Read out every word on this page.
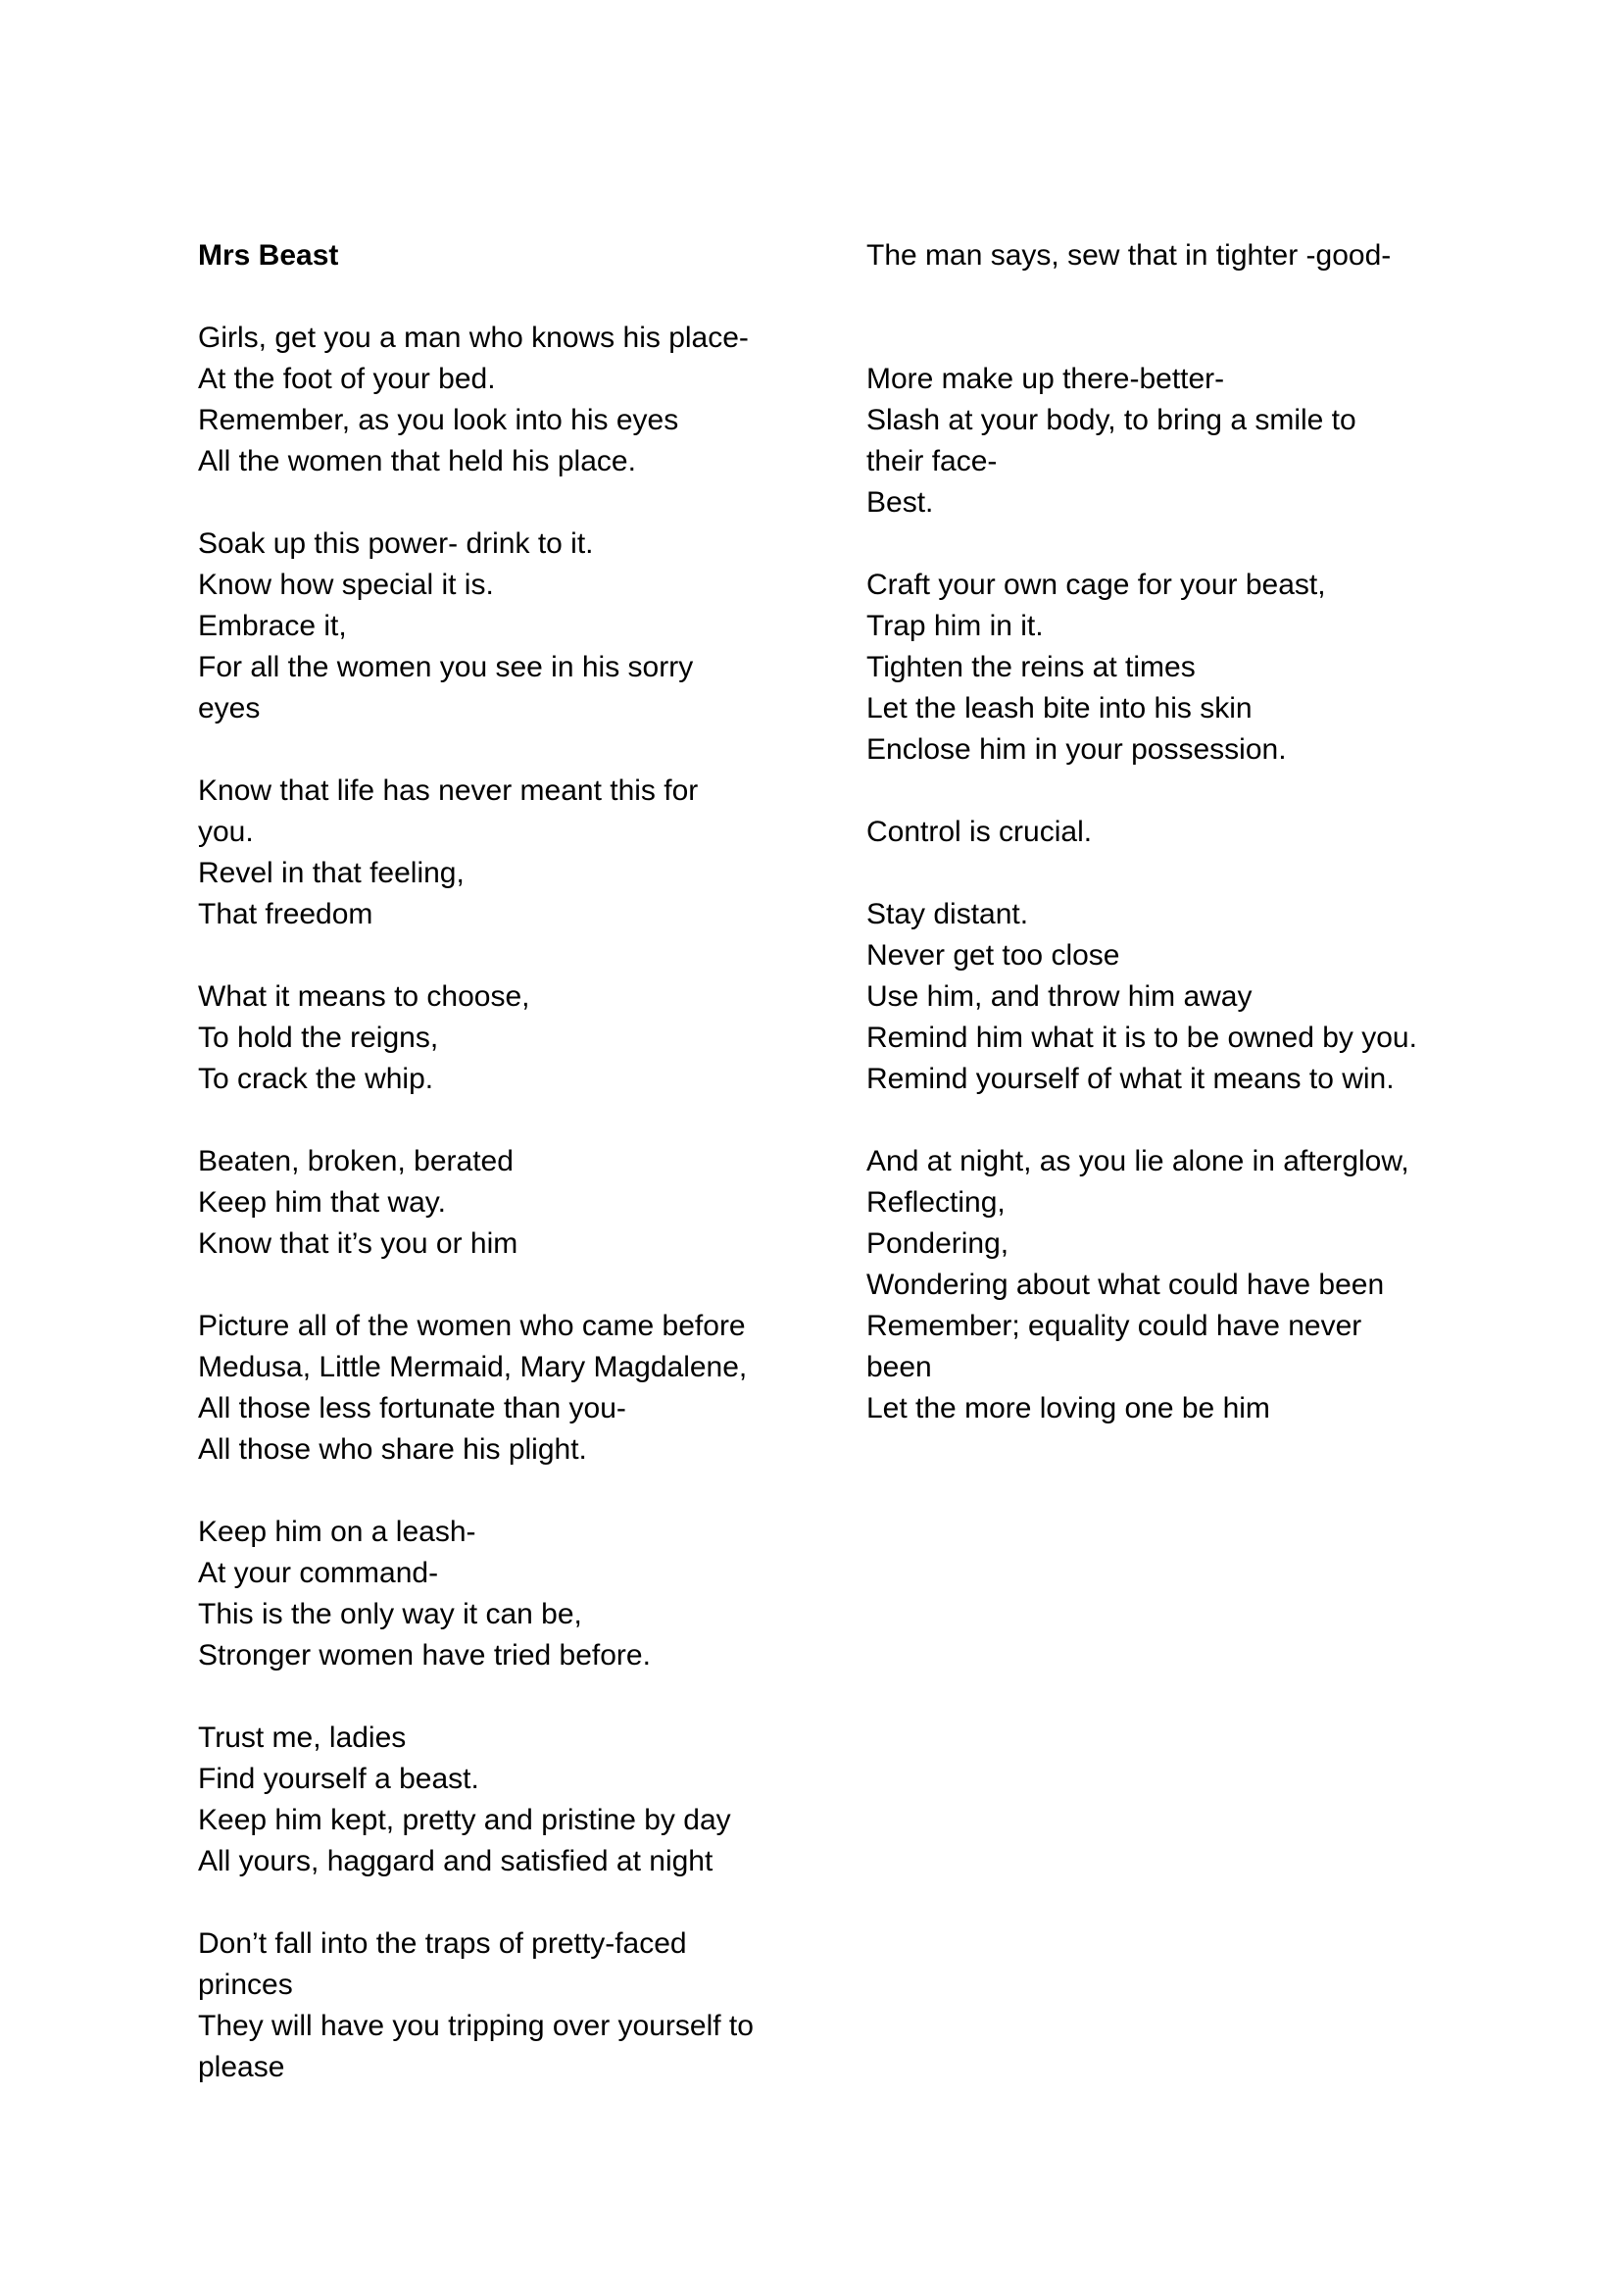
Mrs Beast
Girls, get you a man who knows his place-
At the foot of your bed.
Remember, as you look into his eyes
All the women that held his place.
Soak up this power- drink to it.
Know how special it is.
Embrace it,
For all the women you see in his sorry
eyes
Know that life has never meant this for
you.
Revel in that feeling,
That freedom
What it means to choose,
To hold the reigns,
To crack the whip.
Beaten, broken, berated
Keep him that way.
Know that it’s you or him
Picture all of the women who came before
Medusa, Little Mermaid, Mary Magdalene,
All those less fortunate than you-
All those who share his plight.
Keep him on a leash-
At your command-
This is the only way it can be,
Stronger women have tried before.
Trust me, ladies
Find yourself a beast.
Keep him kept, pretty and pristine by day
All yours, haggard and satisfied at night
Don’t fall into the traps of pretty-faced
princes
They will have you tripping over yourself to
please
The man says, sew that in tighter -good-
More make up there-better-
Slash at your body, to bring a smile to
their face-
Best.
Craft your own cage for your beast,
Trap him in it.
Tighten the reins at times
Let the leash bite into his skin
Enclose him in your possession.
Control is crucial.
Stay distant.
Never get too close
Use him, and throw him away
Remind him what it is to be owned by you.
Remind yourself of what it means to win.
And at night, as you lie alone in afterglow,
Reflecting,
Pondering,
Wondering about what could have been
Remember; equality could have never
been
Let the more loving one be him
